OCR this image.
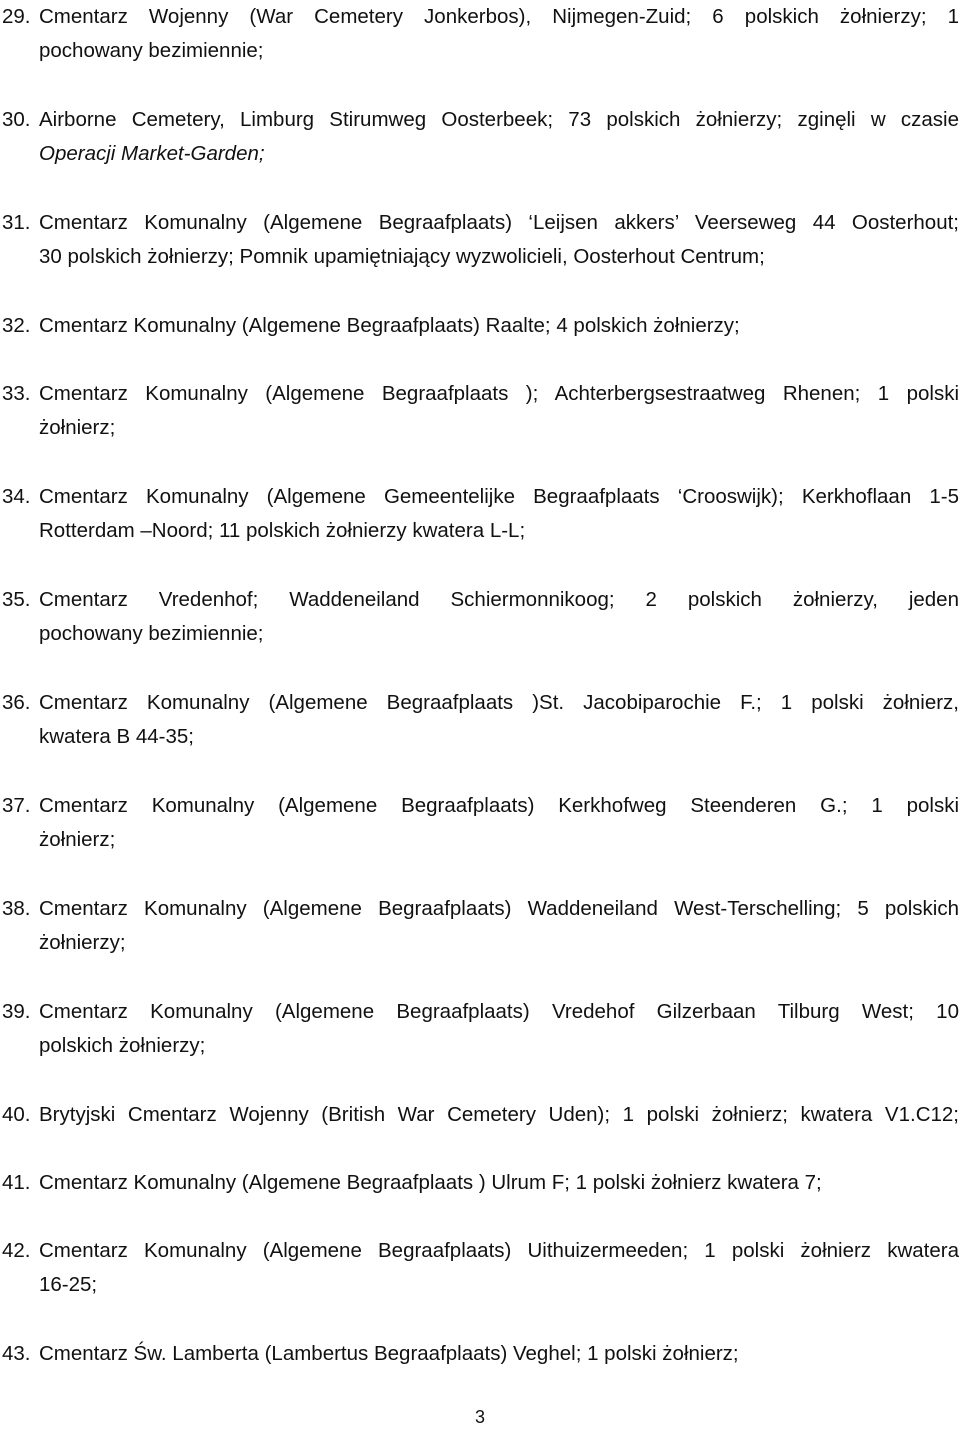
29. Cmentarz Wojenny (War Cemetery Jonkerbos), Nijmegen-Zuid; 6 polskich żołnierzy; 1
pochowany bezimiennie;
30. Airborne Cemetery, Limburg Stirumweg Oosterbeek; 73 polskich żołnierzy; zginęli w czasie
Operacji Market-Garden;
31. Cmentarz Komunalny (Algemene Begraafplaats) ‘Leijsen akkers’ Veerseweg 44 Oosterhout;
30 polskich żołnierzy; Pomnik upamiętniający wyzwolicieli, Oosterhout Centrum;
32. Cmentarz Komunalny (Algemene Begraafplaats) Raalte; 4 polskich żołnierzy;
33. Cmentarz Komunalny (Algemene Begraafplaats ); Achterbergsestraatweg Rhenen; 1 polski
żołnierz;
34. Cmentarz Komunalny (Algemene Gemeentelijke Begraafplaats ‘Crooswijk); Kerkhoflaan 1-5
Rotterdam –Noord; 11 polskich żołnierzy kwatera L-L;
35. Cmentarz Vredenhof; Waddeneiland Schiermonnikoog; 2 polskich żołnierzy, jeden
pochowany bezimiennie;
36. Cmentarz Komunalny (Algemene Begraafplaats )St. Jacobiparochie F.; 1 polski żołnierz,
kwatera B 44-35;
37. Cmentarz Komunalny (Algemene Begraafplaats) Kerkhofweg Steenderen G.; 1 polski
żołnierz;
38. Cmentarz Komunalny (Algemene Begraafplaats) Waddeneiland West-Terschelling; 5 polskich
żołnierzy;
39. Cmentarz Komunalny (Algemene Begraafplaats) Vredehof Gilzerbaan Tilburg West; 10
polskich żołnierzy;
40. Brytyjski Cmentarz Wojenny (British War Cemetery Uden); 1 polski żołnierz; kwatera V1.C12;
41. Cmentarz Komunalny (Algemene Begraafplaats ) Ulrum F; 1 polski żołnierz kwatera 7;
42. Cmentarz Komunalny (Algemene Begraafplaats) Uithuizermeeden; 1 polski żołnierz kwatera
16-25;
43. Cmentarz Św. Lamberta (Lambertus Begraafplaats) Veghel; 1 polski żołnierz;
3
